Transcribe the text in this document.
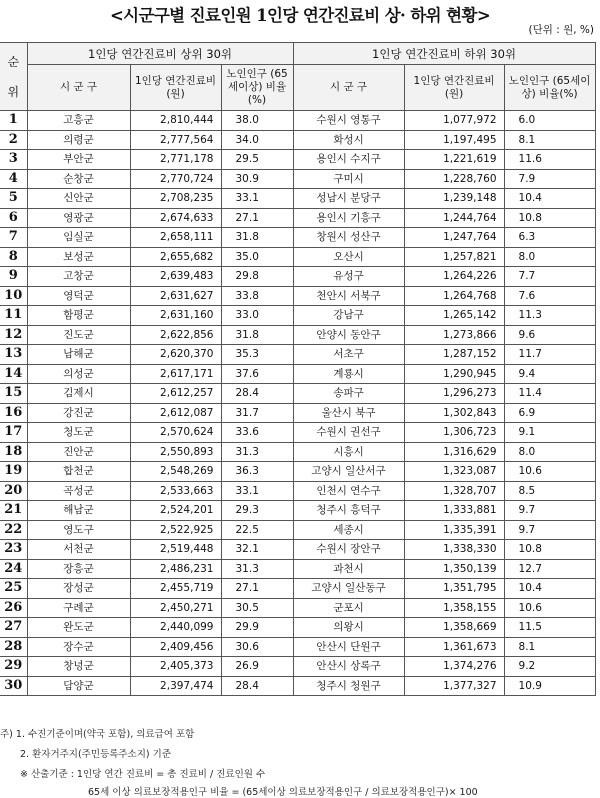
<시군구별 진료인원 1인당 연간진료비 상· 하위 현황>
(단위 : 원, %)
순 위	1인당 연간진료비 상위 30위			1인당 연간진료비 하위 30위		
	시 군 구	1인당 연간진료비 (원)	노인인구 (65세이상) 비율(%)	시 군 구	1인당 연간진료비 (원)	노인인구 (65세이상) 비율(%)
1	고흥군	2,810,444	38.0	수원시 영통구	1,077,972	6.0
2	의령군	2,777,564	34.0	화성시	1,197,495	8.1
3	부안군	2,771,178	29.5	용인시 수지구	1,221,619	11.6
4	순창군	2,770,724	30.9	구미시	1,228,760	7.9
5	신안군	2,708,235	33.1	성남시 분당구	1,239,148	10.4
6	영광군	2,674,633	27.1	용인시 기흥구	1,244,764	10.8
7	임실군	2,658,111	31.8	창원시 성산구	1,247,764	6.3
8	보성군	2,655,682	35.0	오산시	1,257,821	8.0
9	고창군	2,639,483	29.8	유성구	1,264,226	7.7
10	영덕군	2,631,627	33.8	천안시 서북구	1,264,768	7.6
11	함평군	2,631,160	33.0	강남구	1,265,142	11.3
12	진도군	2,622,856	31.8	안양시 동안구	1,273,866	9.6
13	남해군	2,620,370	35.3	서초구	1,287,152	11.7
14	의성군	2,617,171	37.6	계룡시	1,290,945	9.4
15	김제시	2,612,257	28.4	송파구	1,296,273	11.4
16	강진군	2,612,087	31.7	울산시 북구	1,302,843	6.9
17	청도군	2,570,624	33.6	수원시 권선구	1,306,723	9.1
18	진안군	2,550,893	31.3	시흥시	1,316,629	8.0
19	합천군	2,548,269	36.3	고양시 일산서구	1,323,087	10.6
20	곡성군	2,533,663	33.1	인천시 연수구	1,328,707	8.5
21	해남군	2,524,201	29.3	청주시 흥덕구	1,333,881	9.7
22	영도구	2,522,925	22.5	세종시	1,335,391	9.7
23	서천군	2,519,448	32.1	수원시 장안구	1,338,330	10.8
24	장흥군	2,486,231	31.3	과천시	1,350,139	12.7
25	장성군	2,455,719	27.1	고양시 일산동구	1,351,795	10.4
26	구례군	2,450,271	30.5	군포시	1,358,155	10.6
27	완도군	2,440,099	29.9	의왕시	1,358,669	11.5
28	장수군	2,409,456	30.6	안산시 단원구	1,361,673	8.1
29	창녕군	2,405,373	26.9	안산시 상록구	1,374,276	9.2
30	담양군	2,397,474	28.4	청주시 청원구	1,377,327	10.9
주) 1. 수진기준이며(약국 포함), 의료급여 포함
2. 환자거주지(주민등록주소지) 기준
※ 산출기준 : 1인당 연간 진료비 = 총 진료비 / 진료인원 수
65세 이상 의료보장적용인구 비율 = (65세이상 의료보장적용인구 / 의료보장적용인구)× 100
